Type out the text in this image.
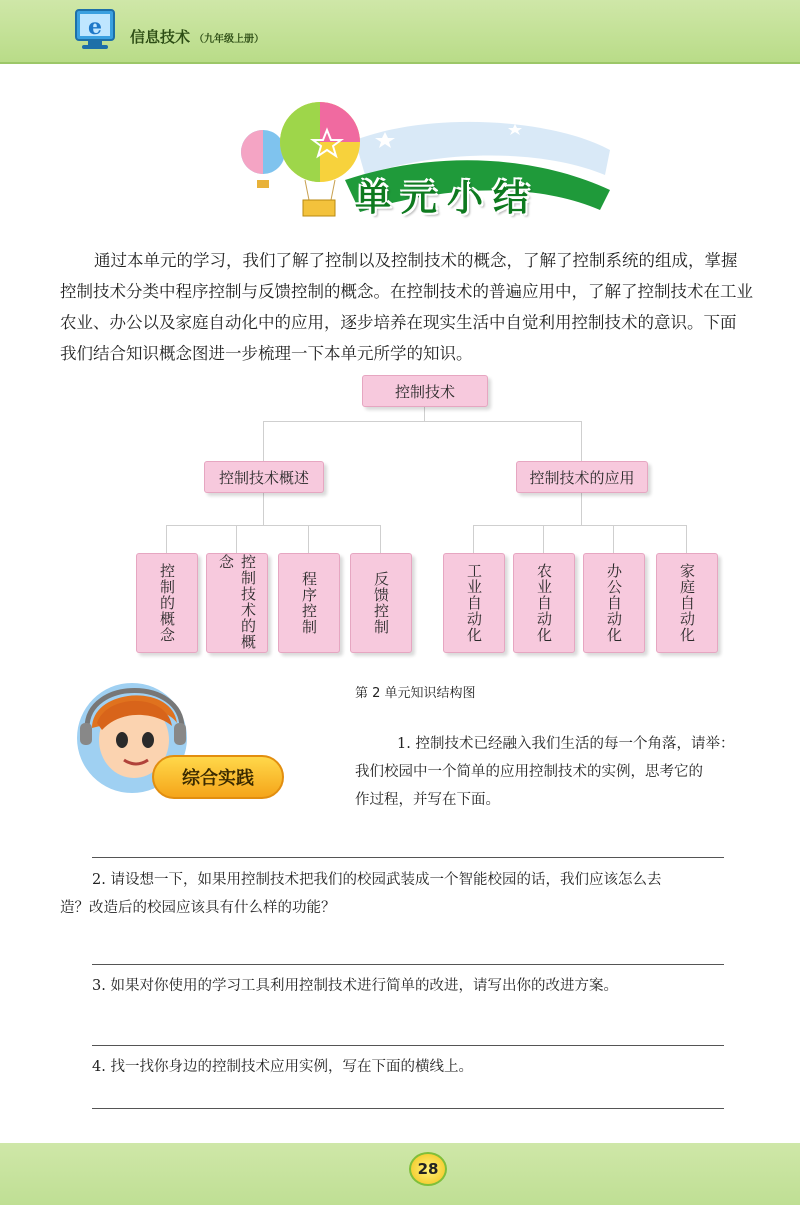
e 信息技术 （九年级上册）
单元小结

通过本单元的学习，我们了解了控制以及控制技术的概念，了解了控制系统的组成，掌握

控制技术分类中程序控制与反馈控制的概念。在控制技术的普遍应用中，了解了控制技术在工业

农业、办公以及家庭自动化中的应用，逐步培养在现实生活中自觉利用控制技术的意识。下面

我们结合知识概念图进一步梳理一下本单元所学的知识。

控制技术
控制技术概述	控制技术的应用
控制的概念	控制技术的概念
程序控制	反馈控制	工业自动化	农业自动化	办公自动化	家庭自动化
第 2 单元知识结构图
综合实践
1. 控制技术已经融入我们生活的每一个角落，请举：
我们校园中一个简单的应用控制技术的实例，思考它的
作过程，并写在下面。
2. 请设想一下，如果用控制技术把我们的校园武装成一个智能校园的话，我们应该怎么去
造？改造后的校园应该具有什么样的功能？
3. 如果对你使用的学习工具利用控制技术进行简单的改进，请写出你的改进方案。
4. 找一找你身边的控制技术应用实例，写在下面的横线上。
28
